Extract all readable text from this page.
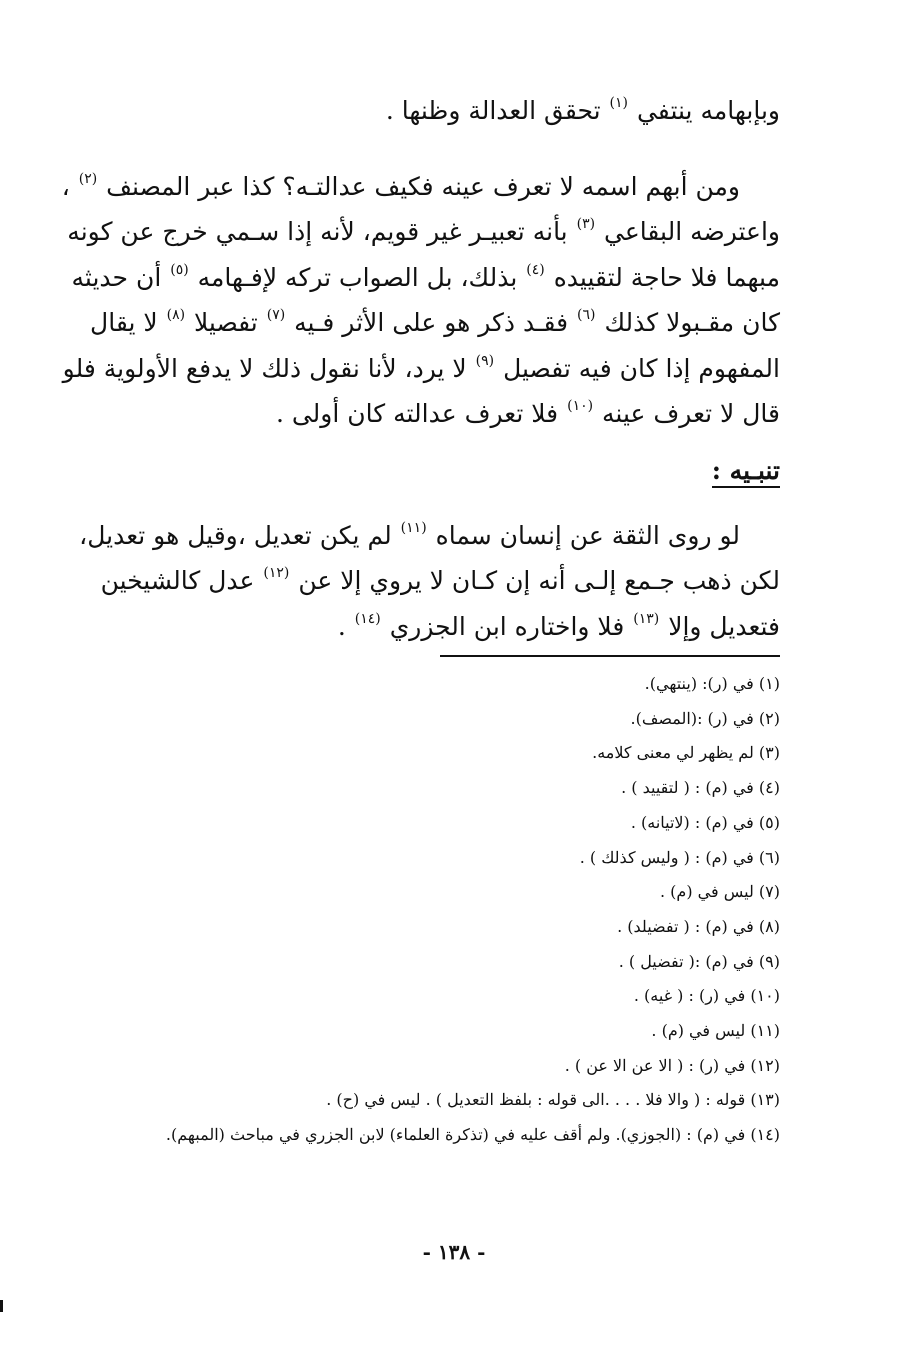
وبإبهامه ينتفي $^{(١)}$ تحقق العدالة وظنها .

ومن أبهم اسمه لا تعرف عينه فكيف عدالتـه؟ كذا عبر المصنف $^{(٢)}$ ،
واعترضه البقاعي $^{(٣)}$ بأنه تعبيـر غير قويم، لأنه إذا سـمي خرج عن كونه
مبهما فلا حاجة لتقييده $^{(٤)}$ بذلك، بل الصواب تركه لإفـهامه $^{(٥)}$ أن حديثه
كان مقـبولا كذلك $^{(٦)}$ فقـد ذكر هو على الأثر فـيه $^{(٧)}$ تفصيلا $^{(٨)}$ لا يقال
المفهوم إذا كان فيه تفصيل $^{(٩)}$ لا يرد، لأنا نقول ذلك لا يدفع الأولوية فلو
قال لا تعرف عينه $^{(١٠)}$ فلا تعرف عدالته كان أولى .

تنبـيه :

لو روى الثقة عن إنسان سماه $^{(١١)}$ لم يكن تعديل ،وقيل هو تعديل،
لكن ذهب جـمع إلـى أنه إن كـان لا يروي إلا عن $^{(١٢)}$ عدل كالشيخين
فتعديل وإلا $^{(١٣)}$ فلا واختاره ابن الجزري $^{(١٤)}$ .

(١) في (ر): (ينتهي).
(٢) في (ر) :(المصف).
(٣) لم يظهر لي معنى كلامه.
(٤) في (م) : ( لتقييد ) .
(٥) في (م) : (لاتيانه) .
(٦) في (م) : ( وليس كذلك ) .
(٧) ليس في (م) .
(٨) في (م) : ( تفضيلد) .
(٩) في (م) :( تفضيل ) .
(١٠) في (ر) : ( غيه) .
(١١) ليس في (م) .
(١٢) في (ر) : ( الا عن الا عن ) .
(١٣) قوله : ( والا فلا . . . .الى قوله : بلفظ التعديل ) . ليس في (ح) .
(١٤) في (م) : (الجوزي). ولم أقف عليه في (تذكرة العلماء) لابن الجزري في مباحث (المبهم).
- ١٣٨ -
